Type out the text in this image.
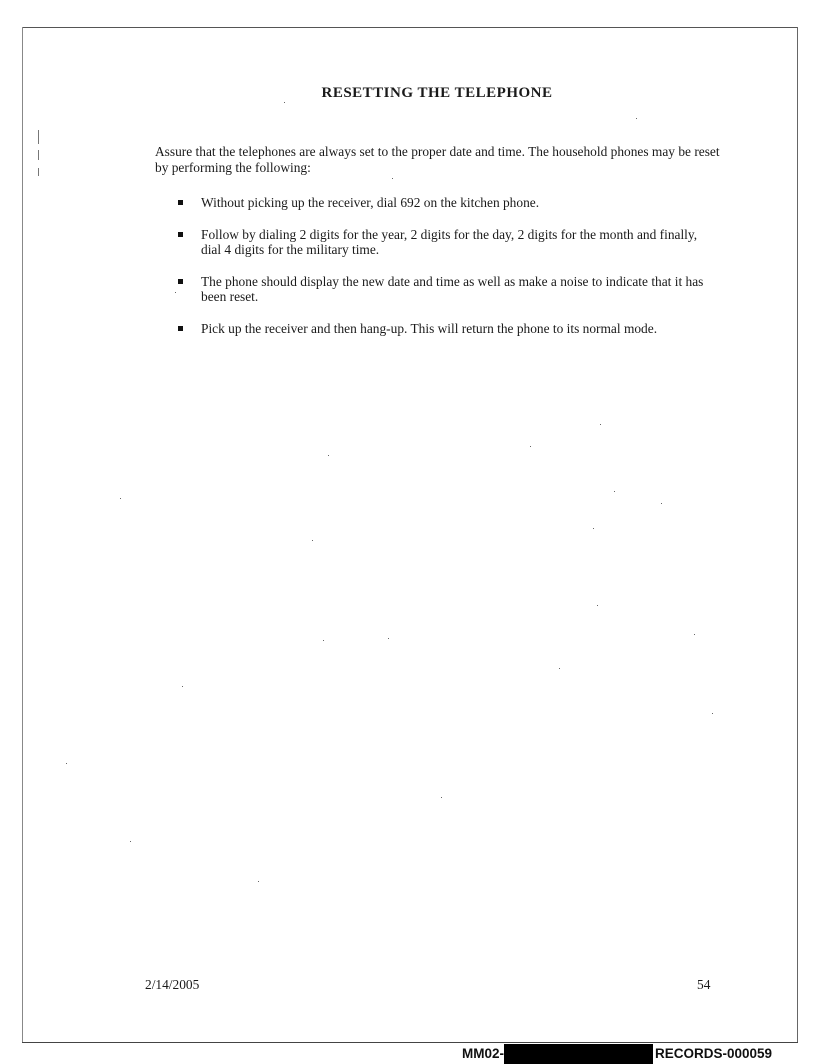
RESETTING THE TELEPHONE
Assure that the telephones are always set to the proper date and time. The household phones may be reset by performing the following:
Without picking up the receiver, dial 692 on the kitchen phone.
Follow by dialing 2 digits for the year, 2 digits for the day, 2 digits for the month and finally, dial 4 digits for the military time.
The phone should display the new date and time as well as make a noise to indicate that it has been reset.
Pick up the receiver and then hang-up. This will return the phone to its normal mode.
2/14/2005	54
MM02-	RECORDS-000059
